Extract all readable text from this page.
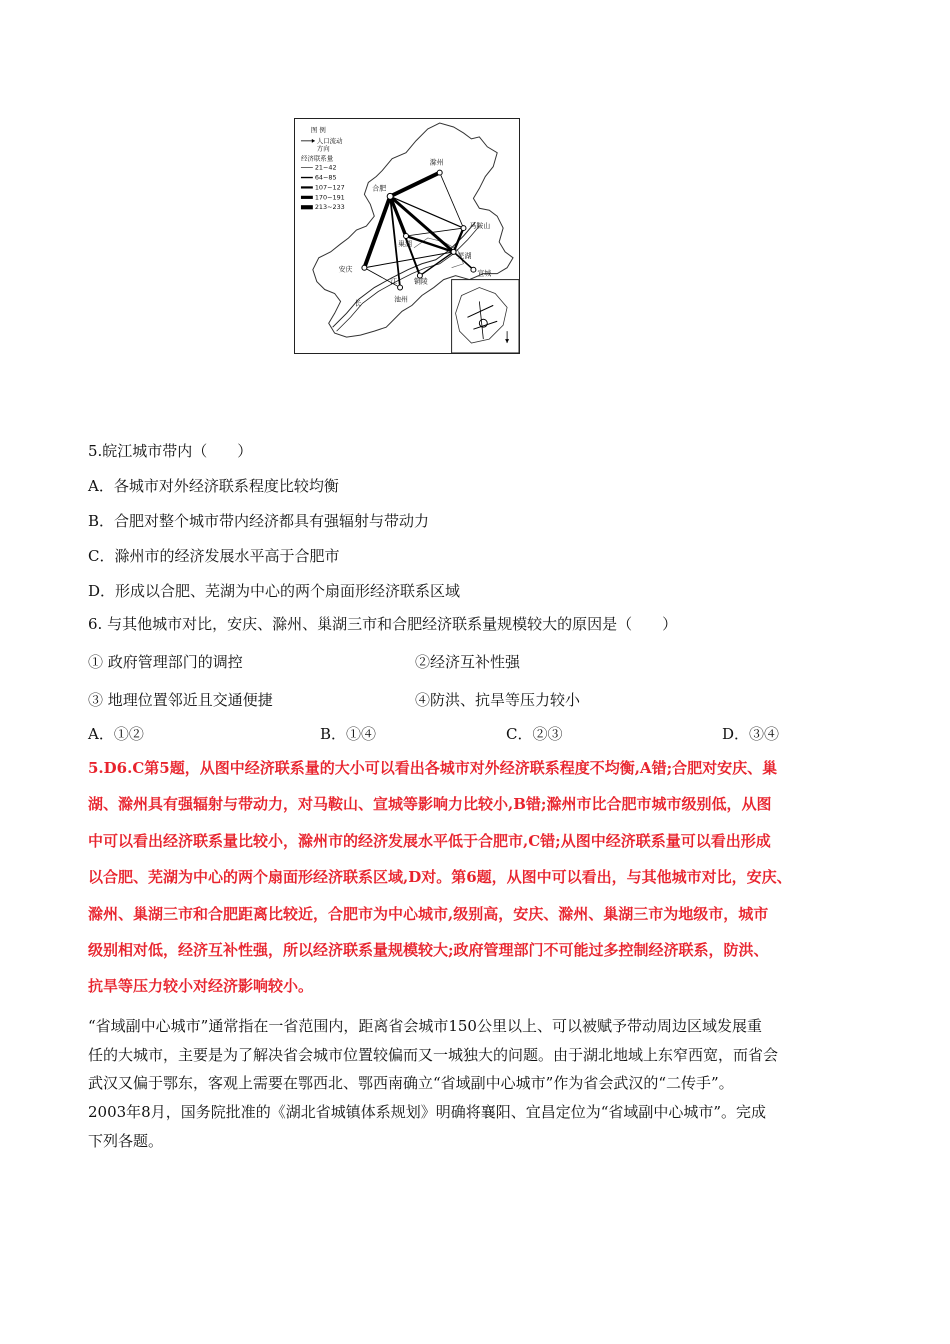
合肥
滁州
马鞍山
巢湖
芜湖
安庆	宣城
池州
铜陵
长
江
图 例
人口流动
方向
经济联系量
21~42
64~85
107~127
170~191
213~233
5.皖江城市带内（　　）
A．各城市对外经济联系程度比较均衡
B．合肥对整个城市带内经济都具有强辐射与带动力
C．滁州市的经济发展水平高于合肥市
D．形成以合肥、芜湖为中心的两个扇面形经济联系区域
6. 与其他城市对比，安庆、滁州、巢湖三市和合肥经济联系量规模较大的原因是（　　）
① 政府管理部门的调控	②经济互补性强
③ 地理位置邻近且交通便捷	④防洪、抗旱等压力较小
A．①②	B．①④	C．②③	D．③④
5.D6.C第5题，从图中经济联系量的大小可以看出各城市对外经济联系程度不均衡,A错;合肥对安庆、巢
湖、滁州具有强辐射与带动力，对马鞍山、宣城等影响力比较小,B错;滁州市比合肥市城市级别低，从图
中可以看出经济联系量比较小，滁州市的经济发展水平低于合肥市,C错;从图中经济联系量可以看出形成
以合肥、芜湖为中心的两个扇面形经济联系区域,D对。第6题，从图中可以看出，与其他城市对比，安庆、
滁州、巢湖三市和合肥距离比较近，合肥市为中心城市,级别高，安庆、滁州、巢湖三市为地级市，城市
级别相对低，经济互补性强，所以经济联系量规模较大;政府管理部门不可能过多控制经济联系，防洪、
抗旱等压力较小对经济影响较小。
“省域副中心城市”通常指在一省范围内，距离省会城市150公里以上、可以被赋予带动周边区域发展重
任的大城市，主要是为了解决省会城市位置较偏而又一城独大的问题。由于湖北地域上东窄西宽，而省会
武汉又偏于鄂东，客观上需要在鄂西北、鄂西南确立“省域副中心城市”作为省会武汉的“二传手”。
2003年8月，国务院批准的《湖北省城镇体系规划》明确将襄阳、宜昌定位为“省域副中心城市”。完成
下列各题。
